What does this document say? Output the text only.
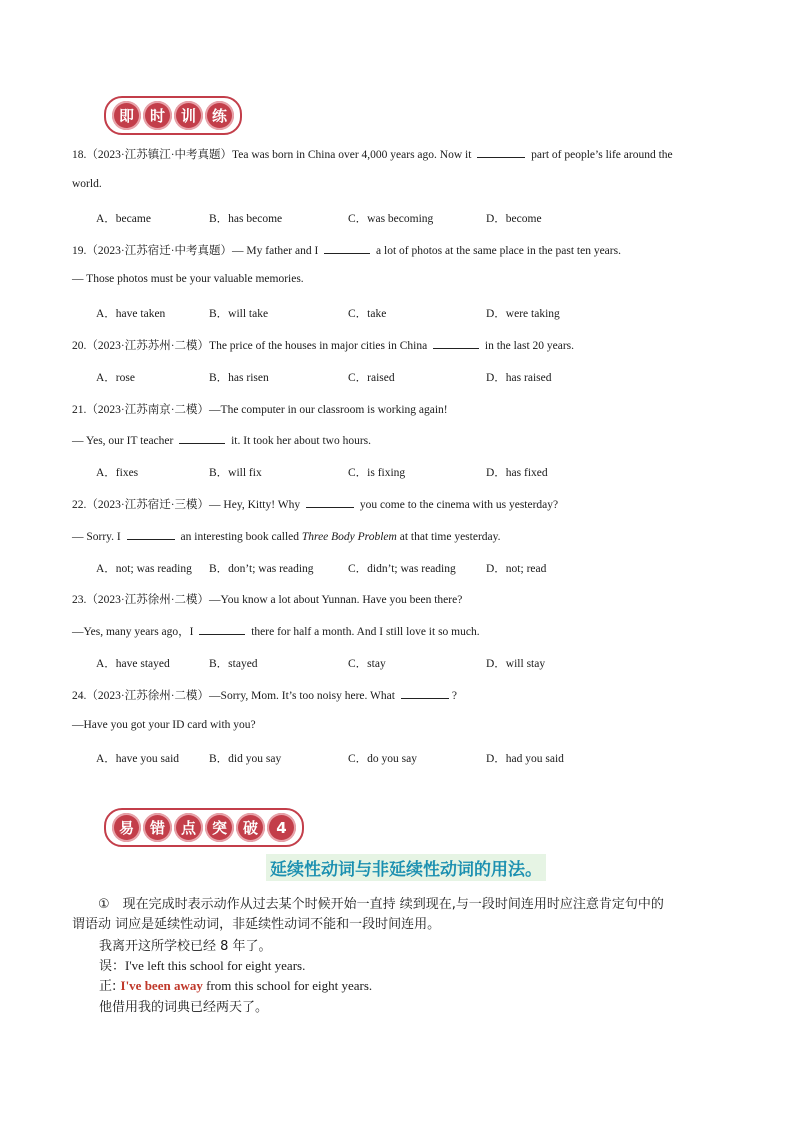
即	时	训	练
18.（2023·江苏镇江·中考真题）Tea was born in China over 4,000 years ago. Now it	part of people’s life around the
world.
A．became	B．has become	C．was becoming	D．become
19.（2023·江苏宿迁·中考真题）— My father and I	a lot of photos at the same place in the past ten years.
— Those photos must be your valuable memories.
A．have taken	B．will take	C．take	D．were taking
20.（2023·江苏苏州·二模）The price of the houses in major cities in China	in the last 20 years.
A．rose	B．has risen	C．raised	D．has raised
21.（2023·江苏南京·二模）—The computer in our classroom is working again!
— Yes, our IT teacher	it. It took her about two hours.
A．fixes	B．will fix	C．is fixing	D．has fixed
22.（2023·江苏宿迁·三模）— Hey, Kitty! Why	you come to the cinema with us yesterday?
— Sorry. I	an interesting book called Three Body Problem at that time yesterday.
A．not; was reading B．don’t; was reading	C．didn’t; was reading	D．not; read
23.（2023·江苏徐州·二模）—You know a lot about Yunnan. Have you been there?
—Yes, many years ago，I	there for half a month. And I still love it so much.
A．have stayed	B．stayed	C．stay	D．will stay
24.（2023·江苏徐州·二模）—Sorry, Mom. It’s too noisy here. What	?
—Have you got your ID card with you?
A．have you said	B．did you say	C．do you say	D．had you said
易	错	点	突	破	4
延续性动词与非延续性动词的用法。
①　现在完成时表示动作从过去某个时候开始一直持 续到现在,与一段时间连用时应注意肯定句中的
谓语动 词应是延续性动词，非延续性动词不能和一段时间连用。
我离开这所学校已经 8 年了。
误：I've left this school for eight years.
正: I've been away from this school for eight years.
他借用我的词典已经两天了。
